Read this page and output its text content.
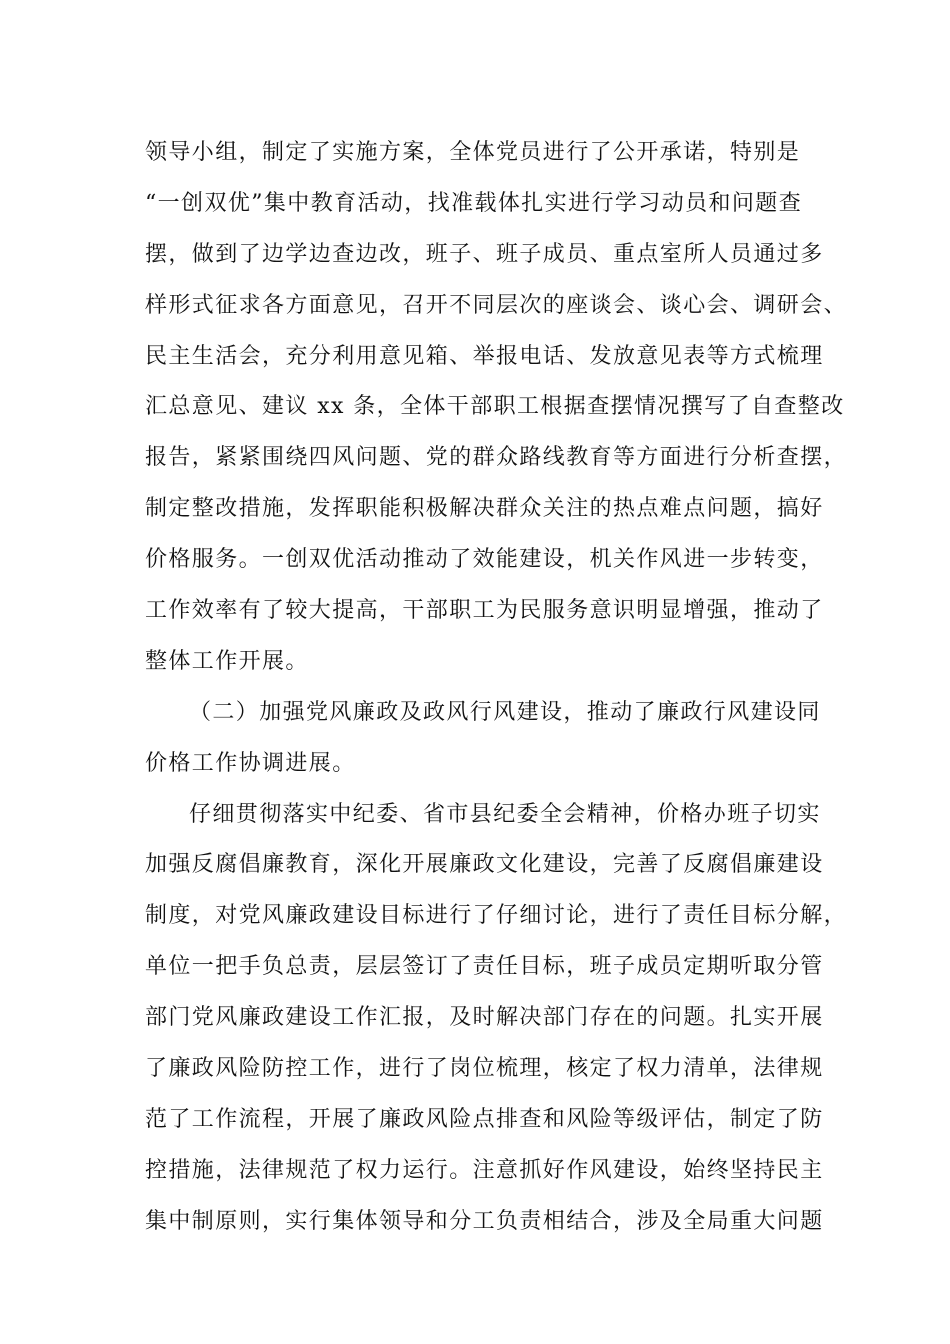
领导小组，制定了实施方案，全体党员进行了公开承诺，特别是
“一创双优”集中教育活动，找准载体扎实进行学习动员和问题查
摆，做到了边学边查边改，班子、班子成员、重点室所人员通过多
样形式征求各方面意见，召开不同层次的座谈会、谈心会、调研会、
民主生活会，充分利用意见箱、举报电话、发放意见表等方式梳理
汇总意见、建议 xx 条，全体干部职工根据查摆情况撰写了自查整改
报告，紧紧围绕四风问题、党的群众路线教育等方面进行分析查摆，
制定整改措施，发挥职能积极解决群众关注的热点难点问题，搞好
价格服务。一创双优活动推动了效能建设，机关作风进一步转变，
工作效率有了较大提高，干部职工为民服务意识明显增强，推动了
整体工作开展。
（二）加强党风廉政及政风行风建设，推动了廉政行风建设同
价格工作协调进展。
仔细贯彻落实中纪委、省市县纪委全会精神，价格办班子切实
加强反腐倡廉教育，深化开展廉政文化建设，完善了反腐倡廉建设
制度，对党风廉政建设目标进行了仔细讨论，进行了责任目标分解，
单位一把手负总责，层层签订了责任目标，班子成员定期听取分管
部门党风廉政建设工作汇报，及时解决部门存在的问题。扎实开展
了廉政风险防控工作，进行了岗位梳理，核定了权力清单，法律规
范了工作流程，开展了廉政风险点排查和风险等级评估，制定了防
控措施，法律规范了权力运行。注意抓好作风建设，始终坚持民主
集中制原则，实行集体领导和分工负责相结合，涉及全局重大问题
